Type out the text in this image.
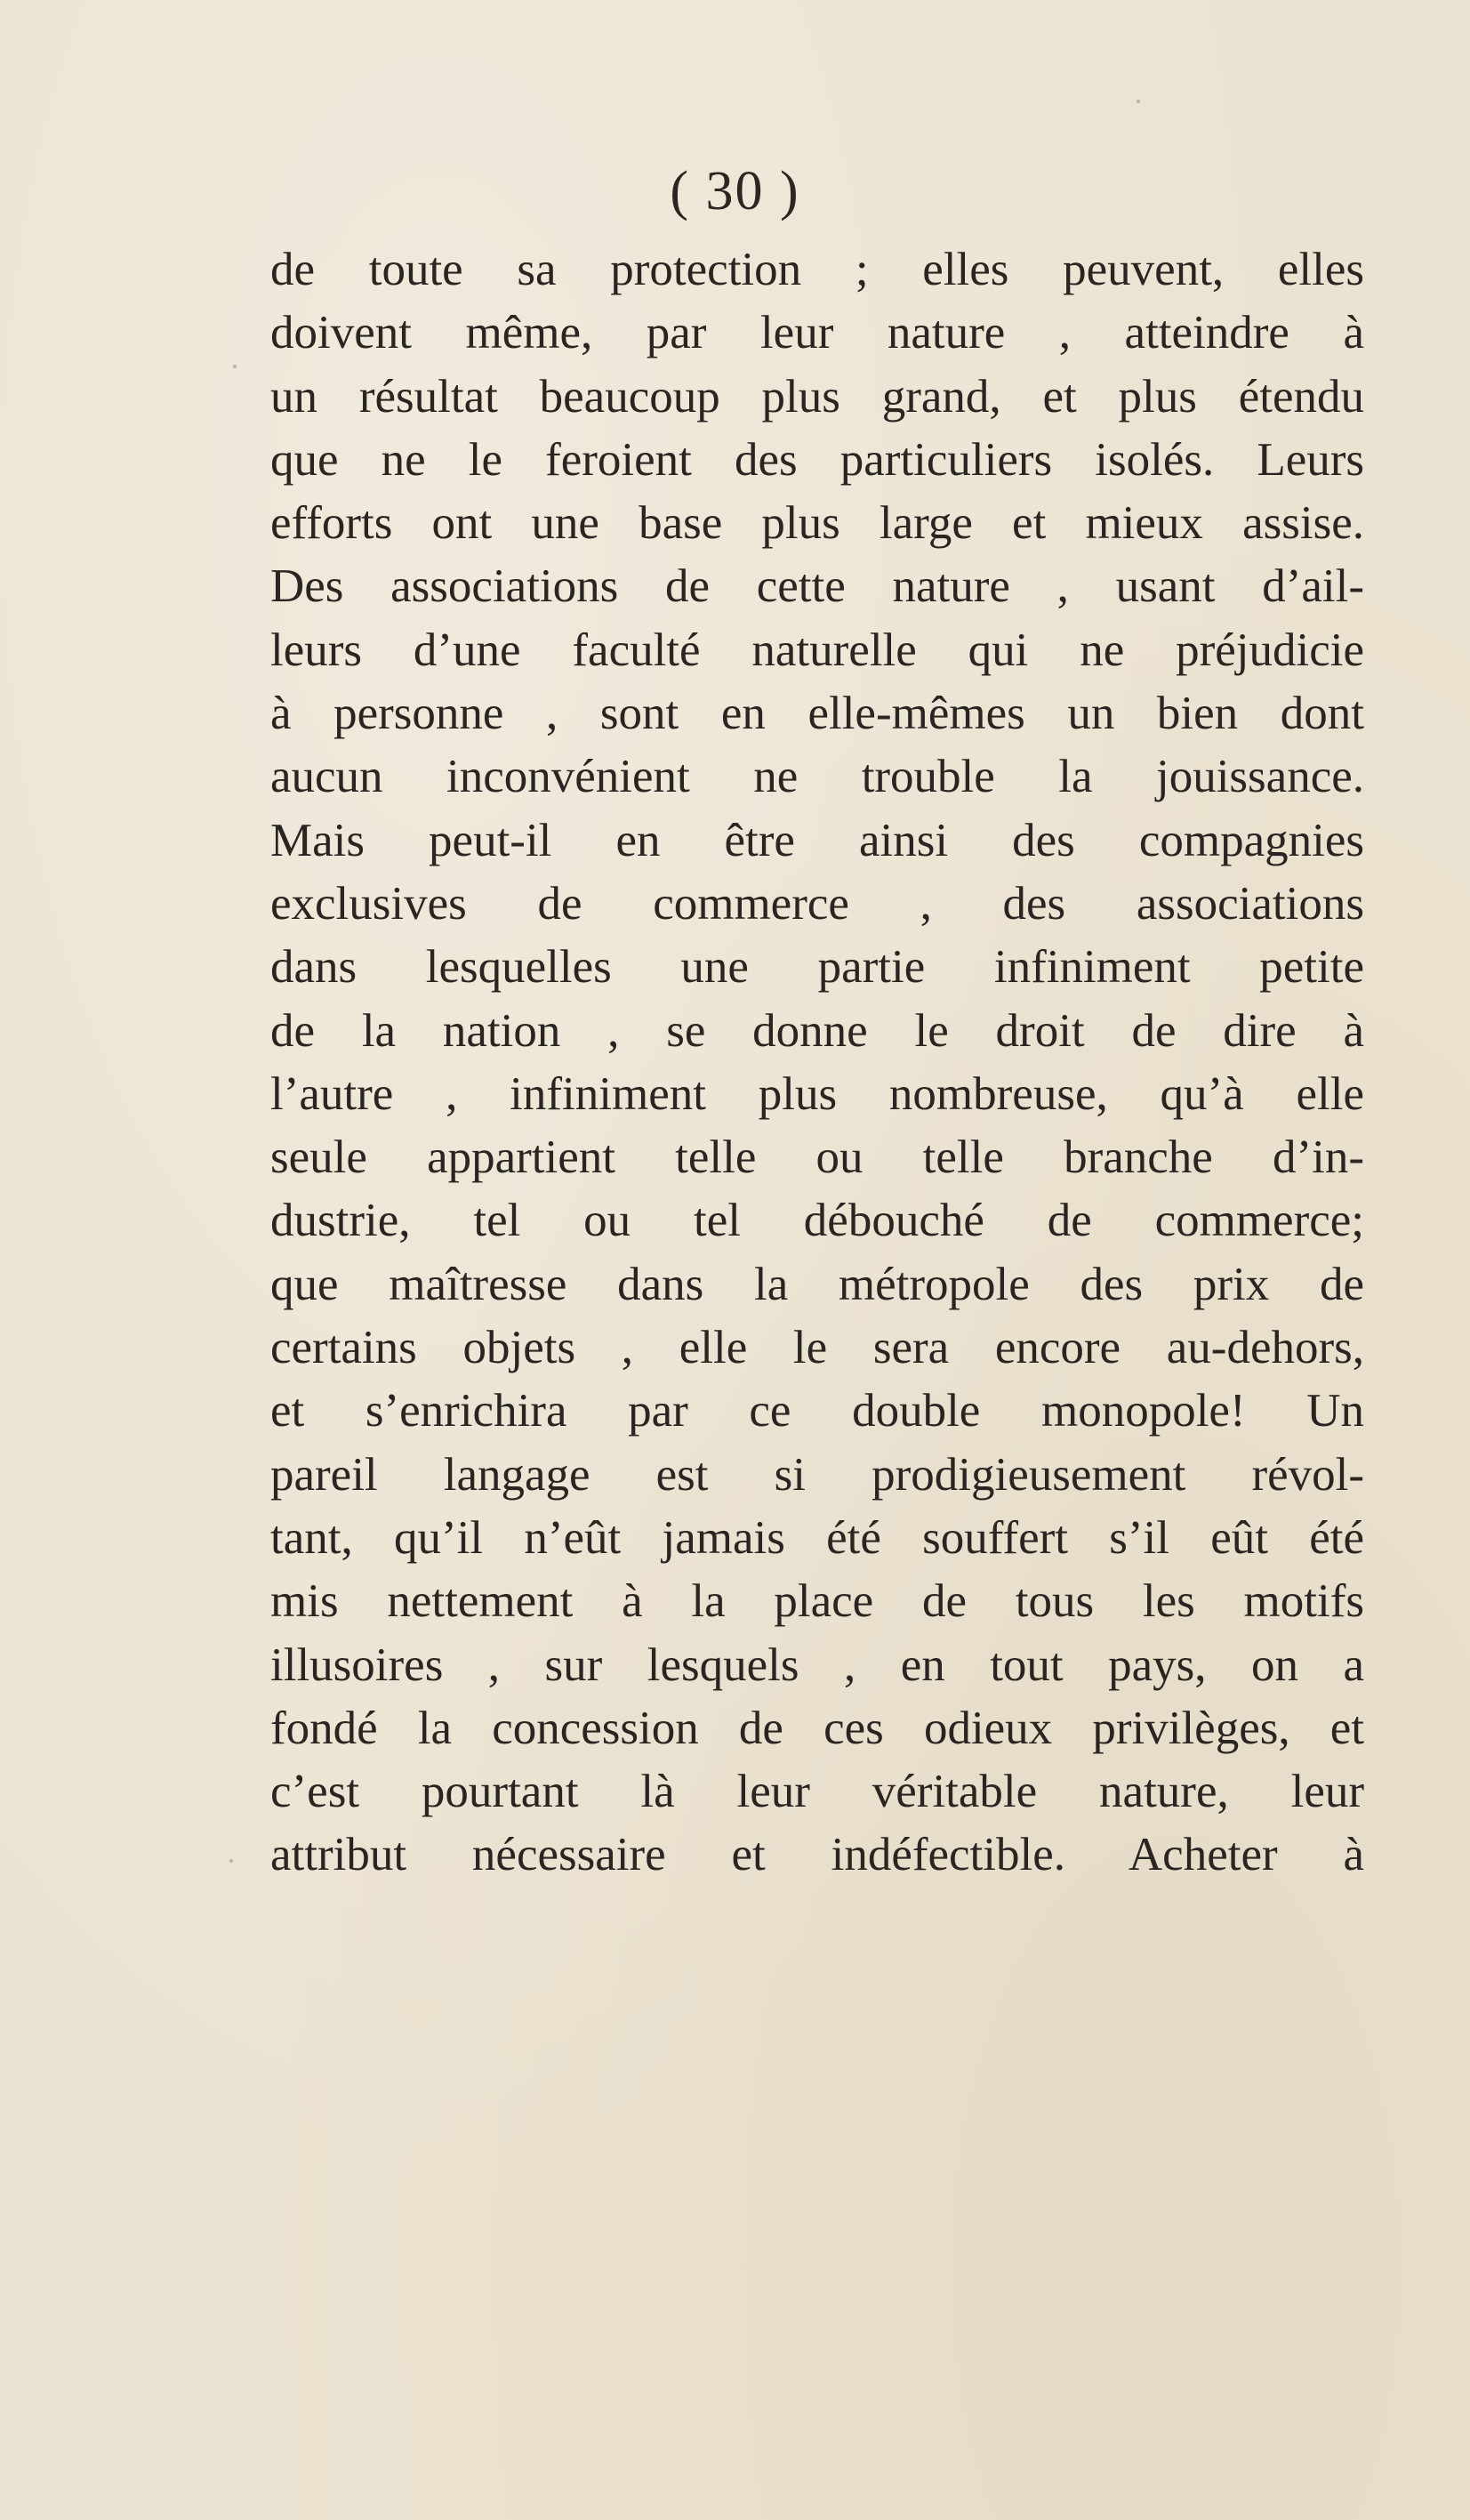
( 30 )
de toute sa protection ; elles peuvent, elles
doivent même, par leur nature , atteindre à
un résultat beaucoup plus grand, et plus étendu
que ne le feroient des particuliers isolés. Leurs
efforts ont une base plus large et mieux assise.
Des associations de cette nature , usant d’ail-
leurs d’une faculté naturelle qui ne préjudicie
à personne , sont en elle-mêmes un bien dont
aucun inconvénient ne trouble la jouissance.
Mais peut-il en être ainsi des compagnies
exclusives de commerce , des associations
dans lesquelles une partie infiniment petite
de la nation , se donne le droit de dire à
l’autre , infiniment plus nombreuse, qu’à elle
seule appartient telle ou telle branche d’in-
dustrie, tel ou tel débouché de commerce;
que maîtresse dans la métropole des prix de
certains objets , elle le sera encore au-dehors,
et s’enrichira par ce double monopole! Un
pareil langage est si prodigieusement révol-
tant, qu’il n’eût jamais été souffert s’il eût été
mis nettement à la place de tous les motifs
illusoires , sur lesquels , en tout pays, on a
fondé la concession de ces odieux privilèges, et
c’est pourtant là leur véritable nature, leur
attribut nécessaire et indéfectible. Acheter à
